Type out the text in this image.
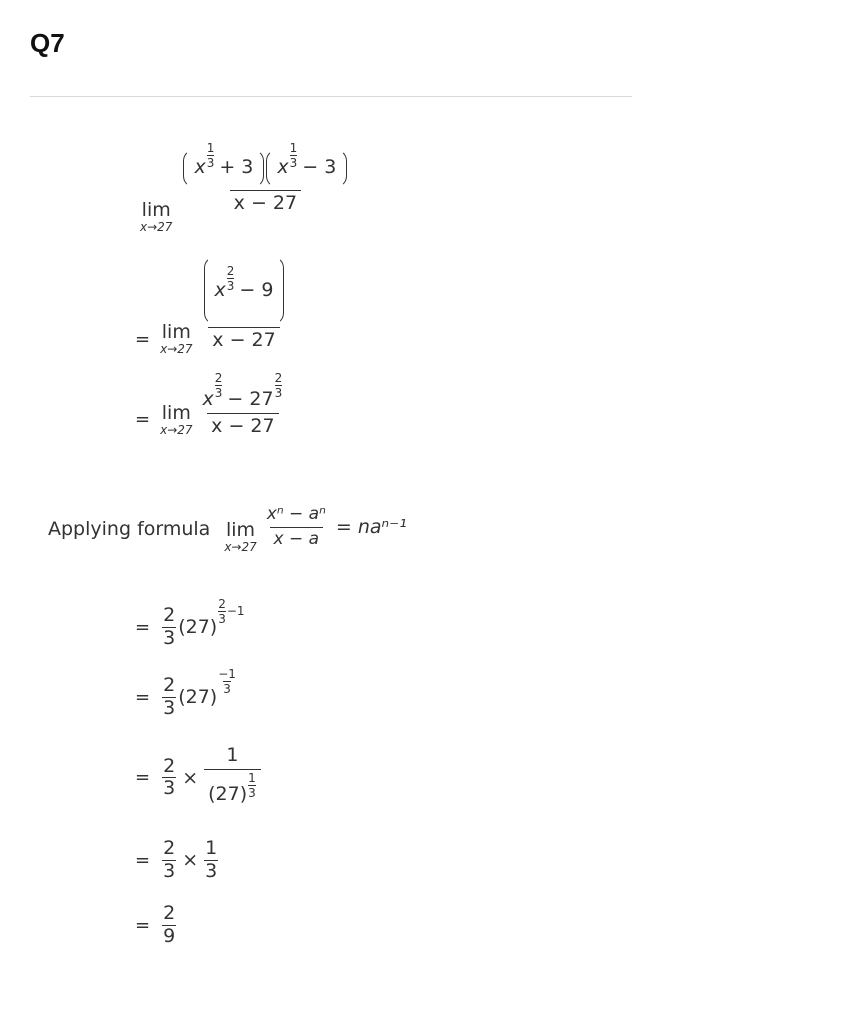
Q7
lim
x→27
x
1
3 + 3 x
1
3 − 3
x − 27
= lim
x→27 x
2
3 − 9
x − 27
= lim
x→27
x
2
3 − 27
2
3
x − 27
Applying formula lim
$x\to 27 \frac{\text{xⁿ − aⁿ}}{x - a} = na^{n-1}$
= $\frac{2}{3} (27)$
2
3
−1
= $\frac{2}{3} (27)$
−1
3
= $\frac{2}{3} \times 1$
(27)
1
3
= $\frac{2}{3} \times \frac{1}{3}$
= $\frac{2}{9}$
